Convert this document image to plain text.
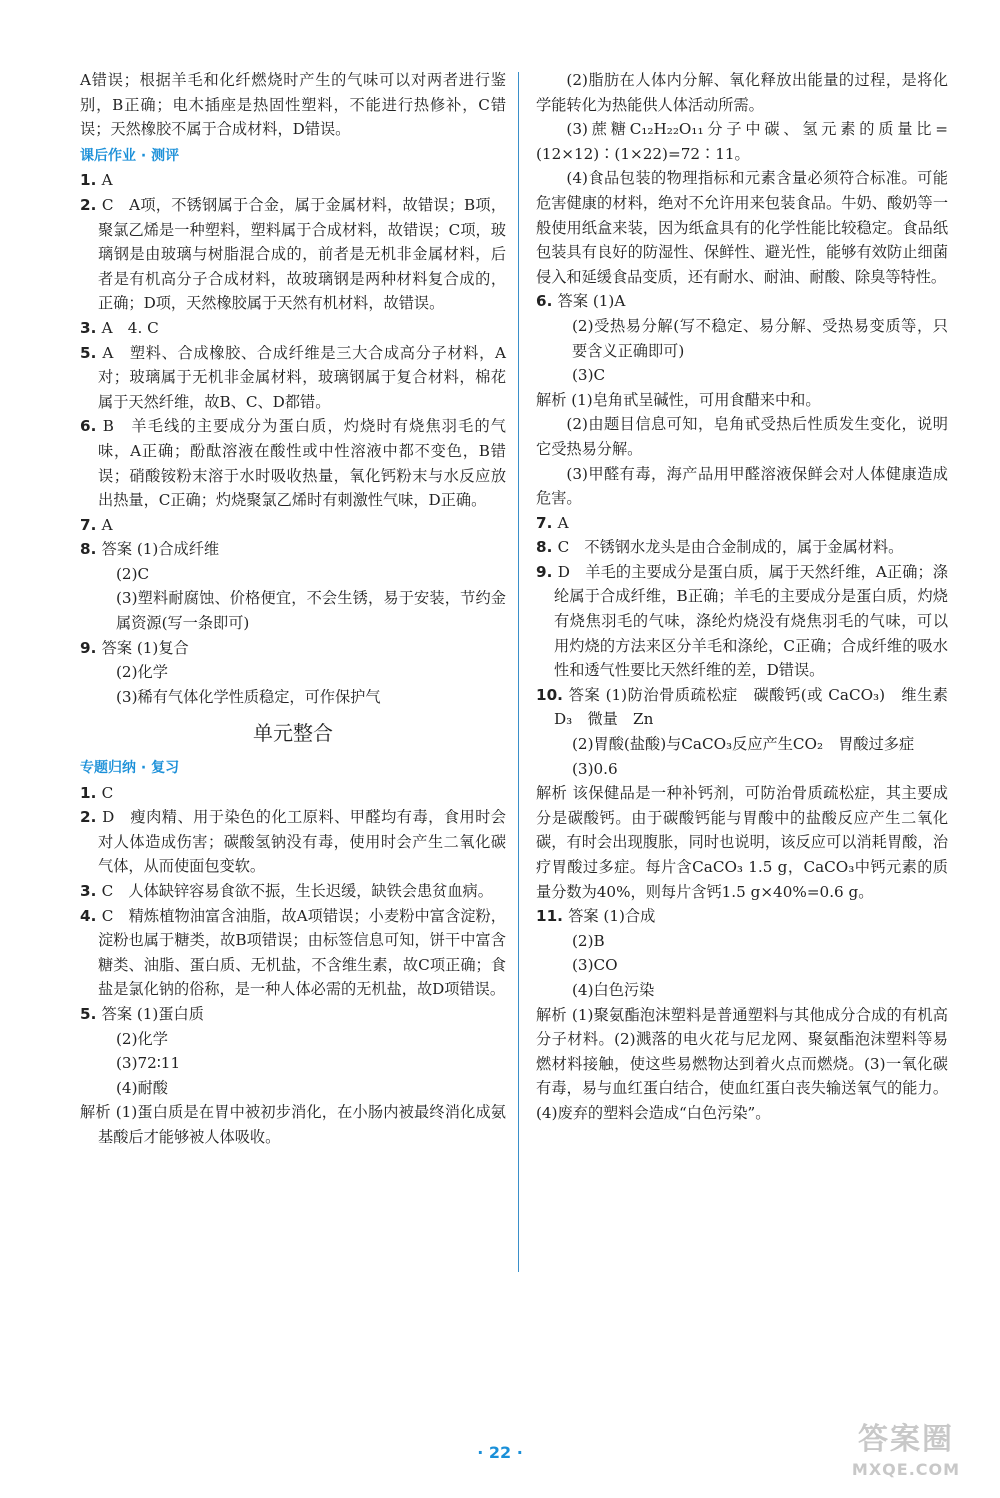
A错误；根据羊毛和化纤燃烧时产生的气味可以对两者进行鉴别，B正确；电木插座是热固性塑料，不能进行热修补，C错误；天然橡胶不属于合成材料，D错误。

课后作业 · 测评

1. A

2. C　A项，不锈钢属于合金，属于金属材料，故错误；B项，聚氯乙烯是一种塑料，塑料属于合成材料，故错误；C项，玻璃钢是由玻璃与树脂混合成的，前者是无机非金属材料，后者是有机高分子合成材料，故玻璃钢是两种材料复合成的，正确；D项，天然橡胶属于天然有机材料，故错误。

3. A　4. C

5. A　塑料、合成橡胶、合成纤维是三大合成高分子材料，A对；玻璃属于无机非金属材料，玻璃钢属于复合材料，棉花属于天然纤维，故B、C、D都错。

6. B　羊毛线的主要成分为蛋白质，灼烧时有烧焦羽毛的气味，A正确；酚酞溶液在酸性或中性溶液中都不变色，B错误；硝酸铵粉末溶于水时吸收热量，氧化钙粉末与水反应放出热量，C正确；灼烧聚氯乙烯时有刺激性气味，D正确。

7. A

8. 答案 (1)合成纤维

(2)C

(3)塑料耐腐蚀、价格便宜，不会生锈，易于安装，节约金属资源(写一条即可)

9. 答案 (1)复合

(2)化学

(3)稀有气体化学性质稳定，可作保护气

单元整合
专题归纳 · 复习

1. C

2. D　瘦肉精、用于染色的化工原料、甲醛均有毒，食用时会对人体造成伤害；碳酸氢钠没有毒，使用时会产生二氧化碳气体，从而使面包变软。

3. C　人体缺锌容易食欲不振，生长迟缓，缺铁会患贫血病。

4. C　精炼植物油富含油脂，故A项错误；小麦粉中富含淀粉，淀粉也属于糖类，故B项错误；由标签信息可知，饼干中富含糖类、油脂、蛋白质、无机盐，不含维生素，故C项正确；食盐是氯化钠的俗称，是一种人体必需的无机盐，故D项错误。

5. 答案 (1)蛋白质

(2)化学

(3)72∶11

(4)耐酸

解析 (1)蛋白质是在胃中被初步消化，在小肠内被最终消化成氨基酸后才能够被人体吸收。

(2)脂肪在人体内分解、氧化释放出能量的过程，是将化学能转化为热能供人体活动所需。

(3)蔗糖C₁₂H₂₂O₁₁分子中碳、氢元素的质量比=(12×12)∶(1×22)=72∶11。

(4)食品包装的物理指标和元素含量必须符合标准。可能危害健康的材料，绝对不允许用来包装食品。牛奶、酸奶等一般使用纸盒来装，因为纸盒具有的化学性能比较稳定。食品纸包装具有良好的防湿性、保鲜性、避光性，能够有效防止细菌侵入和延缓食品变质，还有耐水、耐油、耐酸、除臭等特性。

6. 答案 (1)A

(2)受热易分解(写不稳定、易分解、受热易变质等，只要含义正确即可)

(3)C

解析 (1)皂角甙呈碱性，可用食醋来中和。

(2)由题目信息可知，皂角甙受热后性质发生变化，说明它受热易分解。

(3)甲醛有毒，海产品用甲醛溶液保鲜会对人体健康造成危害。

7. A

8. C　不锈钢水龙头是由合金制成的，属于金属材料。

9. D　羊毛的主要成分是蛋白质，属于天然纤维，A正确；涤纶属于合成纤维，B正确；羊毛的主要成分是蛋白质，灼烧有烧焦羽毛的气味，涤纶灼烧没有烧焦羽毛的气味，可以用灼烧的方法来区分羊毛和涤纶，C正确；合成纤维的吸水性和透气性要比天然纤维的差，D错误。

10. 答案 (1)防治骨质疏松症　碳酸钙(或 CaCO₃)　维生素D₃　微量　Zn

(2)胃酸(盐酸)与CaCO₃反应产生CO₂　胃酸过多症

(3)0.6

解析 该保健品是一种补钙剂，可防治骨质疏松症，其主要成分是碳酸钙。由于碳酸钙能与胃酸中的盐酸反应产生二氧化碳，有时会出现腹胀，同时也说明，该反应可以消耗胃酸，治疗胃酸过多症。每片含CaCO₃ 1.5 g，CaCO₃中钙元素的质量分数为40%，则每片含钙1.5 g×40%=0.6 g。

11. 答案 (1)合成

(2)B

(3)CO

(4)白色污染

解析 (1)聚氨酯泡沫塑料是普通塑料与其他成分合成的有机高分子材料。(2)溅落的电火花与尼龙网、聚氨酯泡沫塑料等易燃材料接触，使这些易燃物达到着火点而燃烧。(3)一氧化碳有毒，易与血红蛋白结合，使血红蛋白丧失输送氧气的能力。(4)废弃的塑料会造成“白色污染”。

· 22 ·	答案圈
MXQE.COM
